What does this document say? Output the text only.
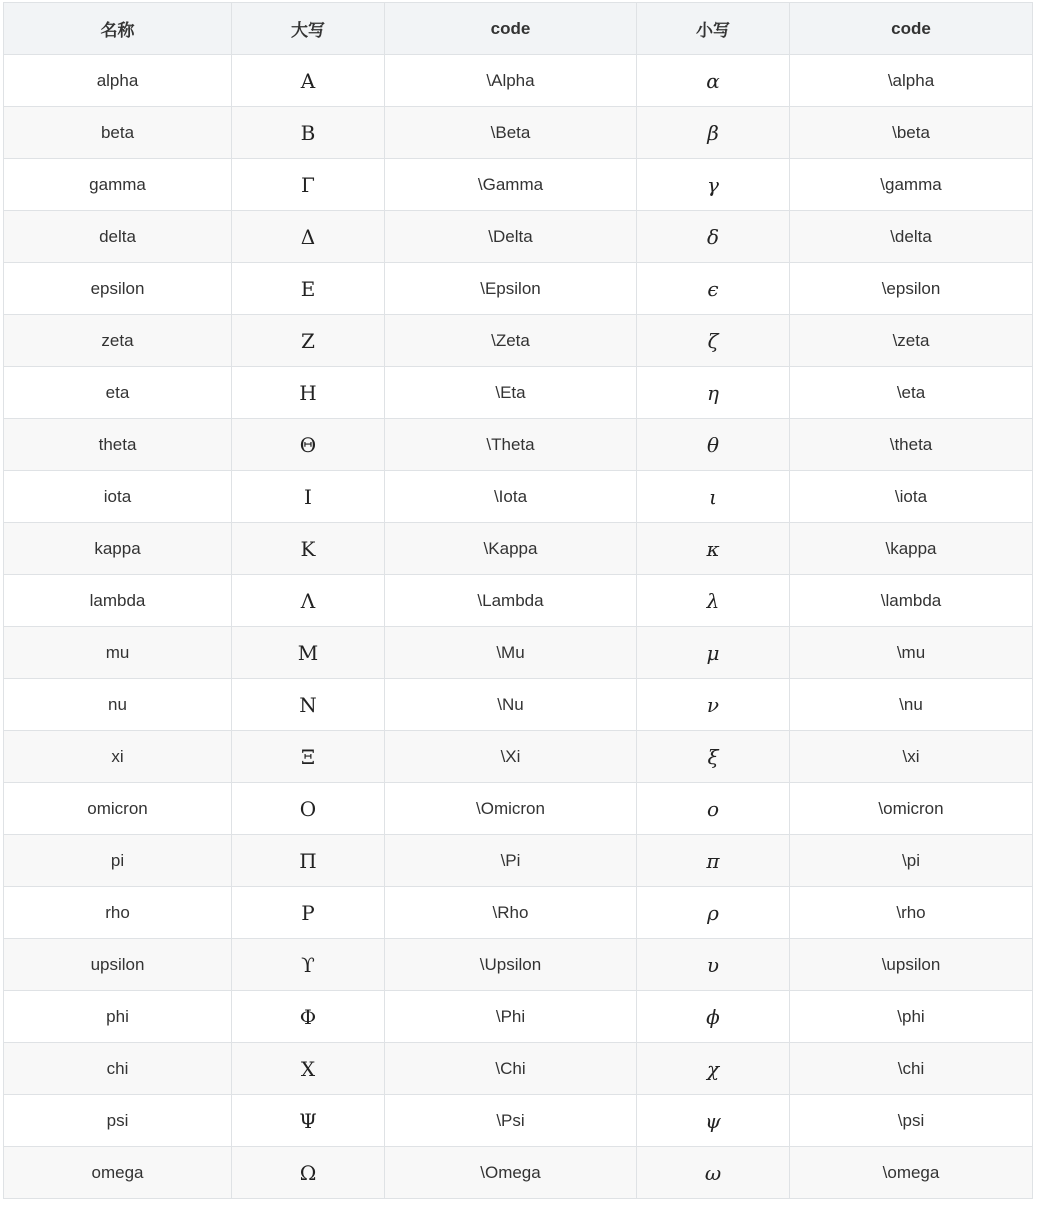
名称	大写	code	小写	code
alpha	Α	\Alpha	α	\alpha
beta	Β	\Beta	β	\beta
gamma	Γ	\Gamma	γ	\gamma
delta	Δ	\Delta	δ	\delta
epsilon	Ε	\Epsilon	ϵ	\epsilon
zeta	Ζ	\Zeta	ζ	\zeta
eta	Η	\Eta	η	\eta
theta	Θ	\Theta	θ	\theta
iota	Ι	\Iota	ι	\iota
kappa	Κ	\Kappa	κ	\kappa
lambda	Λ	\Lambda	λ	\lambda
mu	Μ	\Mu	μ	\mu
nu	Ν	\Nu	ν	\nu
xi	Ξ	\Xi	ξ	\xi
omicron	Ο	\Omicron	ο	\omicron
pi	Π	\Pi	π	\pi
rho	Ρ	\Rho	ρ	\rho
upsilon	ϒ	\Upsilon	υ	\upsilon
phi	Φ	\Phi	ϕ	\phi
chi	Χ	\Chi	χ	\chi
psi	Ψ	\Psi	ψ	\psi
omega	Ω	\Omega	ω	\omega
